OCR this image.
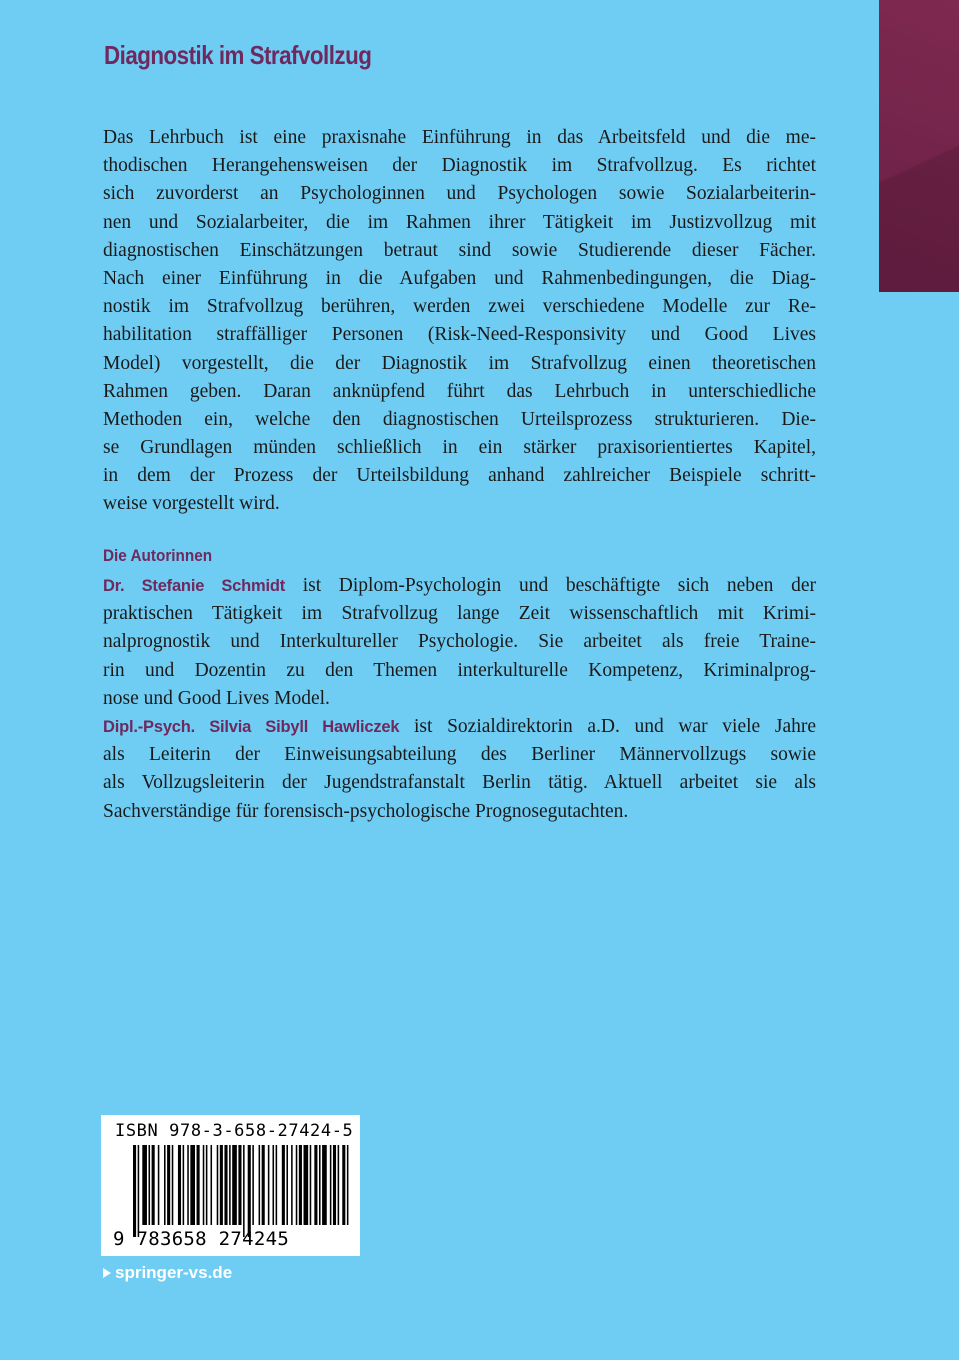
Diagnostik im Strafvollzug
Das Lehrbuch ist eine praxisnahe Einführung in das Arbeitsfeld und die me-
thodischen Herangehensweisen der Diagnostik im Strafvollzug. Es richtet
sich zuvorderst an Psychologinnen und Psychologen sowie Sozialarbeiterin-
nen und Sozialarbeiter, die im Rahmen ihrer Tätigkeit im Justizvollzug mit
diagnostischen Einschätzungen betraut sind sowie Studierende dieser Fächer.
Nach einer Einführung in die Aufgaben und Rahmenbedingungen, die Diag-
nostik im Strafvollzug berühren, werden zwei verschiedene Modelle zur Re-
habilitation straffälliger Personen (Risk-Need-Responsivity und Good Lives
Model) vorgestellt, die der Diagnostik im Strafvollzug einen theoretischen
Rahmen geben. Daran anknüpfend führt das Lehrbuch in unterschiedliche
Methoden ein, welche den diagnostischen Urteilsprozess strukturieren. Die-
se Grundlagen münden schließlich in ein stärker praxisorientiertes Kapitel,
in dem der Prozess der Urteilsbildung anhand zahlreicher Beispiele schritt-
weise vorgestellt wird.
Die Autorinnen
Dr. Stefanie Schmidt ist Diplom-Psychologin und beschäftigte sich neben der
praktischen Tätigkeit im Strafvollzug lange Zeit wissenschaftlich mit Krimi-
nalprognostik und Interkultureller Psychologie. Sie arbeitet als freie Traine-
rin und Dozentin zu den Themen interkulturelle Kompetenz, Kriminalprog-
nose und Good Lives Model.
Dipl.-Psych. Silvia Sibyll Hawliczek ist Sozialdirektorin a.D. und war viele Jahre
als Leiterin der Einweisungsabteilung des Berliner Männervollzugs sowie
als Vollzugsleiterin der Jugendstrafanstalt Berlin tätig. Aktuell arbeitet sie als
Sachverständige für forensisch-psychologische Prognosegutachten.
ISBN 978-3-658-27424-5
9 783658 274245
springer-vs.de
